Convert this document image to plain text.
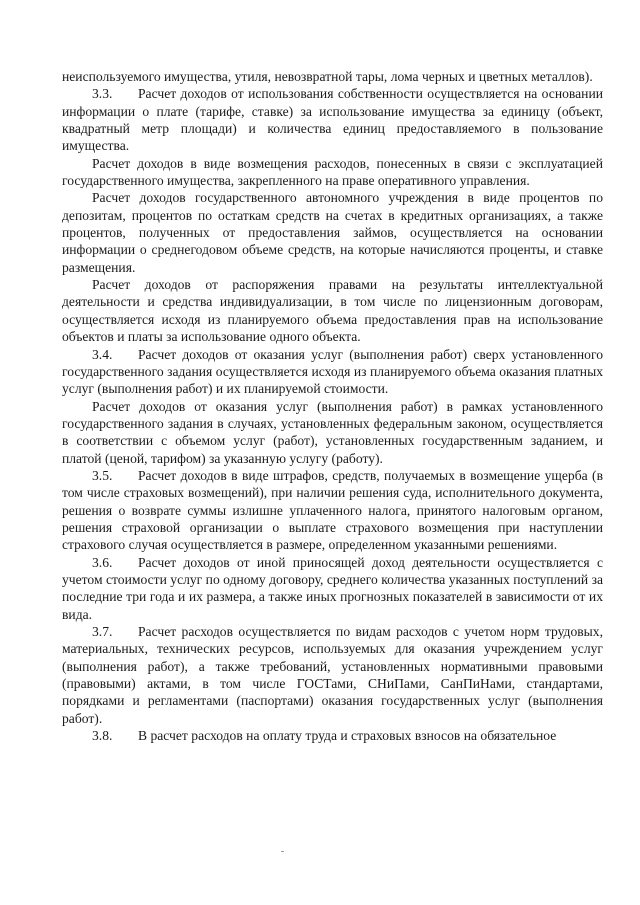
неиспользуемого имущества, утиля, невозвратной тары, лома черных и цветных металлов).

3.3. Расчет доходов от использования собственности осуществляется на основании информации о плате (тарифе, ставке) за использование имущества за единицу (объект, квадратный метр площади) и количества единиц предоставляемого в пользование имущества.

Расчет доходов в виде возмещения расходов, понесенных в связи с эксплуатацией государственного имущества, закрепленного на праве оперативного управления.

Расчет доходов государственного автономного учреждения в виде процентов по депозитам, процентов по остаткам средств на счетах в кредитных организациях, а также процентов, полученных от предоставления займов, осуществляется на основании информации о среднегодовом объеме средств, на которые начисляются проценты, и ставке размещения.

Расчет доходов от распоряжения правами на результаты интеллектуальной деятельности и средства индивидуализации, в том числе по лицензионным договорам, осуществляется исходя из планируемого объема предоставления прав на использование объектов и платы за использование одного объекта.

3.4. Расчет доходов от оказания услуг (выполнения работ) сверх установленного государственного задания осуществляется исходя из планируемого объема оказания платных услуг (выполнения работ) и их планируемой стоимости.

Расчет доходов от оказания услуг (выполнения работ) в рамках установленного государственного задания в случаях, установленных федеральным законом, осуществляется в соответствии с объемом услуг (работ), установленных государственным заданием, и платой (ценой, тарифом) за указанную услугу (работу).

3.5. Расчет доходов в виде штрафов, средств, получаемых в возмещение ущерба (в том числе страховых возмещений), при наличии решения суда, исполнительного документа, решения о возврате суммы излишне уплаченного налога, принятого налоговым органом, решения страховой организации о выплате страхового возмещения при наступлении страхового случая осуществляется в размере, определенном указанными решениями.

3.6. Расчет доходов от иной приносящей доход деятельности осуществляется с учетом стоимости услуг по одному договору, среднего количества указанных поступлений за последние три года и их размера, а также иных прогнозных показателей в зависимости от их вида.

3.7. Расчет расходов осуществляется по видам расходов с учетом норм трудовых, материальных, технических ресурсов, используемых для оказания учреждением услуг (выполнения работ), а также требований, установленных нормативными правовыми (правовыми) актами, в том числе ГОСТами, СНиПами, СанПиНами, стандартами, порядками и регламентами (паспортами) оказания государственных услуг (выполнения работ).

3.8. В расчет расходов на оплату труда и страховых взносов на обязательное
